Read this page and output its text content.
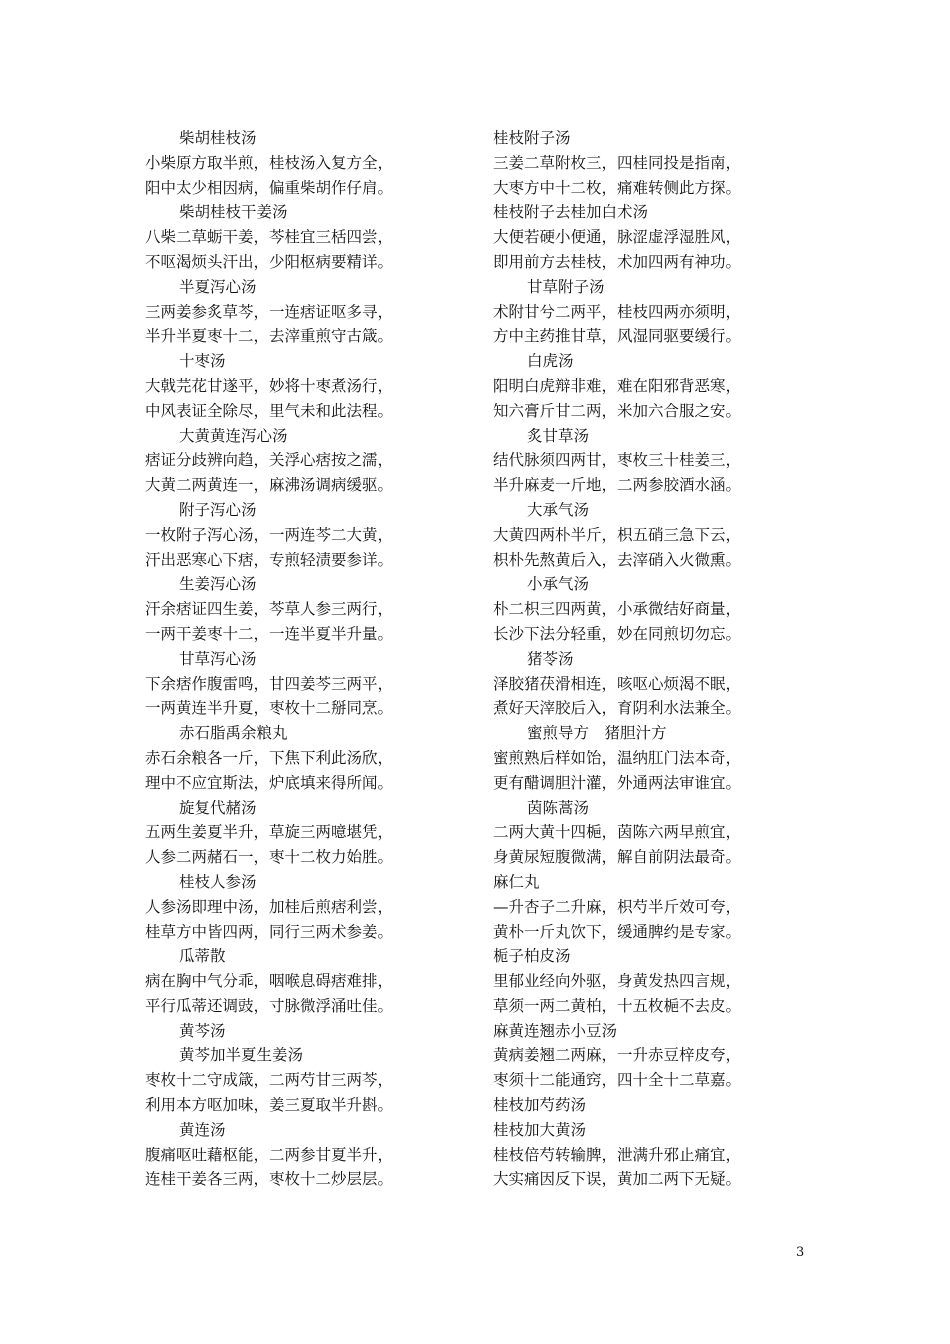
柴胡桂枝汤
小柴原方取半煎，桂枝汤入复方全，
阳中太少相因病，偏重柴胡作仔肩。
柴胡桂枝干姜汤
八柴二草蛎干姜，芩桂宜三栝四尝，
不呕渴烦头汗出，少阳枢病要精详。
半夏泻心汤
三两姜参炙草芩，一连痞证呕多寻，
半升半夏枣十二，去滓重煎守古箴。
十枣汤
大戟芫花甘遂平，妙将十枣煮汤行，
中风表证全除尽，里气未和此法程。
大黄黄连泻心汤
痞证分歧辨向趋，关浮心痞按之濡，
大黄二两黄连一，麻沸汤调病缓驱。
附子泻心汤
一枚附子泻心汤，一两连芩二大黄，
汗出恶寒心下痞，专煎轻渍要参详。
生姜泻心汤
汗余痞证四生姜，芩草人参三两行，
一两干姜枣十二，一连半夏半升量。
甘草泻心汤
下余痞作腹雷鸣，甘四姜芩三两平，
一两黄连半升夏，枣枚十二掰同烹。
赤石脂禹余粮丸
赤石余粮各一斤，下焦下利此汤欣，
理中不应宜斯法，炉底填来得所闻。
旋复代赭汤
五两生姜夏半升，草旋三两噫堪凭，
人参二两赭石一，枣十二枚力始胜。
桂枝人参汤
人参汤即理中汤，加桂后煎痞利尝，
桂草方中皆四两，同行三两术参姜。
瓜蒂散
病在胸中气分乖，咽喉息碍痞难排，
平行瓜蒂还调豉，寸脉微浮涌吐佳。
黄芩汤
黄芩加半夏生姜汤
枣枚十二守成箴，二两芍甘三两芩，
利用本方呕加味，姜三夏取半升斟。
黄连汤
腹痛呕吐藉枢能，二两参甘夏半升，
连桂干姜各三两，枣枚十二炒层层。
桂枝附子汤
三姜二草附枚三，四桂同投是指南，
大枣方中十二枚，痛难转侧此方探。
桂枝附子去桂加白术汤
大便若硬小便通，脉涩虚浮湿胜风，
即用前方去桂枝，术加四两有神功。
甘草附子汤
术附甘兮二两平，桂枝四两亦须明，
方中主药推甘草，风湿同驱要缓行。
白虎汤
阳明白虎辩非难，难在阳邪背恶寒，
知六膏斤甘二两，米加六合服之安。
炙甘草汤
结代脉须四两甘，枣枚三十桂姜三，
半升麻麦一斤地，二两参胶酒水涵。
大承气汤
大黄四两朴半斤，枳五硝三急下云，
枳朴先熬黄后入，去滓硝入火微熏。
小承气汤
朴二枳三四两黄，小承微结好商量，
长沙下法分轻重，妙在同煎切勿忘。
猪苓汤
泽胶猪茯滑相连，咳呕心烦渴不眠，
煮好天滓胶后入，育阴利水法兼全。
蜜煎导方　猪胆汁方
蜜煎熟后样如饴，温纳肛门法本奇，
更有醋调胆汁灌，外通两法审谁宜。
茵陈蒿汤
二两大黄十四梔，茵陈六两早煎宜，
身黄尿短腹微满，解自前阴法最奇。
麻仁丸
—升杏子二升麻，枳芍半斤效可夸，
黄朴一斤丸饮下，缓通脾约是专家。
栀子柏皮汤
里郁业经向外驱，身黄发热四言规，
草须一两二黄柏，十五枚梔不去皮。
麻黄连翘赤小豆汤
黄病姜翘二两麻，一升赤豆梓皮夸，
枣须十二能通窍，四十全十二草嘉。
桂枝加芍药汤
桂枝加大黄汤
桂枝倍芍转输脾，泄满升邪止痛宜，
大实痛因反下误，黄加二两下无疑。
3
